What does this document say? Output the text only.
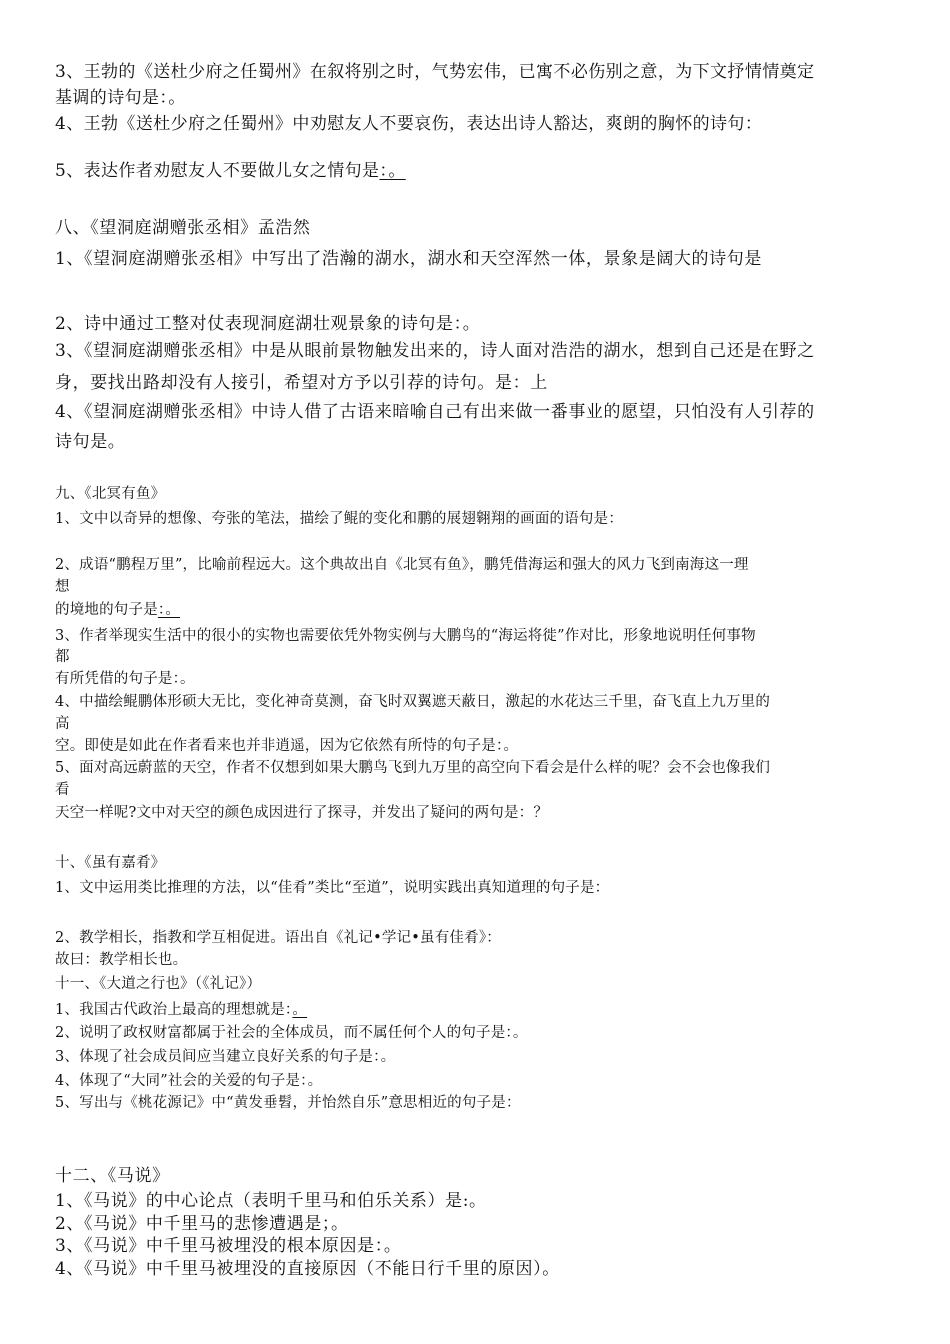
3、王勃的《送杜少府之任蜀州》在叙将别之时，气势宏伟，已寓不必伤别之意，为下文抒情情奠定
基调的诗句是：。
4、王勃《送杜少府之任蜀州》中劝慰友人不要哀伤，表达出诗人豁达，爽朗的胸怀的诗句：
5、表达作者劝慰友人不要做儿女之情句是：。
八、《望洞庭湖赠张丞相》孟浩然
1、《望洞庭湖赠张丞相》中写出了浩瀚的湖水，湖水和天空浑然一体，景象是阔大的诗句是
2、诗中通过工整对仗表现洞庭湖壮观景象的诗句是：。
3、《望洞庭湖赠张丞相》中是从眼前景物触发出来的，诗人面对浩浩的湖水，想到自己还是在野之
身，要找出路却没有人接引，希望对方予以引荐的诗句。是：上
4、《望洞庭湖赠张丞相》中诗人借了古语来暗喻自己有出来做一番事业的愿望，只怕没有人引荐的
诗句是。
九、《北冥有鱼》
1、文中以奇异的想像、夸张的笔法，描绘了鲲的变化和鹏的展翅翱翔的画面的语句是：
2、成语“鹏程万里”，比喻前程远大。这个典故出自《北冥有鱼》，鹏凭借海运和强大的风力飞到南海这一理
想
的境地的句子是：。
3、作者举现实生活中的很小的实物也需要依凭外物实例与大鹏鸟的“海运将徙”作对比，形象地说明任何事物
都
有所凭借的句子是：。
4、中描绘鲲鹏体形硕大无比，变化神奇莫测，奋飞时双翼遮天蔽日，激起的水花达三千里，奋飞直上九万里的
高
空。即使是如此在作者看来也并非逍遥，因为它依然有所恃的句子是：。
5、面对高远蔚蓝的天空，作者不仅想到如果大鹏鸟飞到九万里的高空向下看会是什么样的呢？会不会也像我们
看
天空一样呢?文中对天空的颜色成因进行了探寻，并发出了疑问的两句是：？
十、《虽有嘉肴》
1、文中运用类比推理的方法，以“佳肴”类比“至道”，说明实践出真知道理的句子是：
2、教学相长，指教和学互相促进。语出自《礼记•学记•虽有佳肴》：
故曰：教学相长也。
十一、《大道之行也》（《礼记》）
1、我国古代政治上最高的理想就是：。
2、说明了政权财富都属于社会的全体成员，而不属任何个人的句子是：。
3、体现了社会成员间应当建立良好关系的句子是：。
4、体现了“大同”社会的关爱的句子是：。
5、写出与《桃花源记》中“黄发垂髫，并怡然自乐”意思相近的句子是：
十二、《马说》
1、《马说》的中心论点（表明千里马和伯乐关系）是:。
2、《马说》中千里马的悲惨遭遇是；。
3、《马说》中千里马被埋没的根本原因是：。
4、《马说》中千里马被埋没的直接原因（不能日行千里的原因）。
